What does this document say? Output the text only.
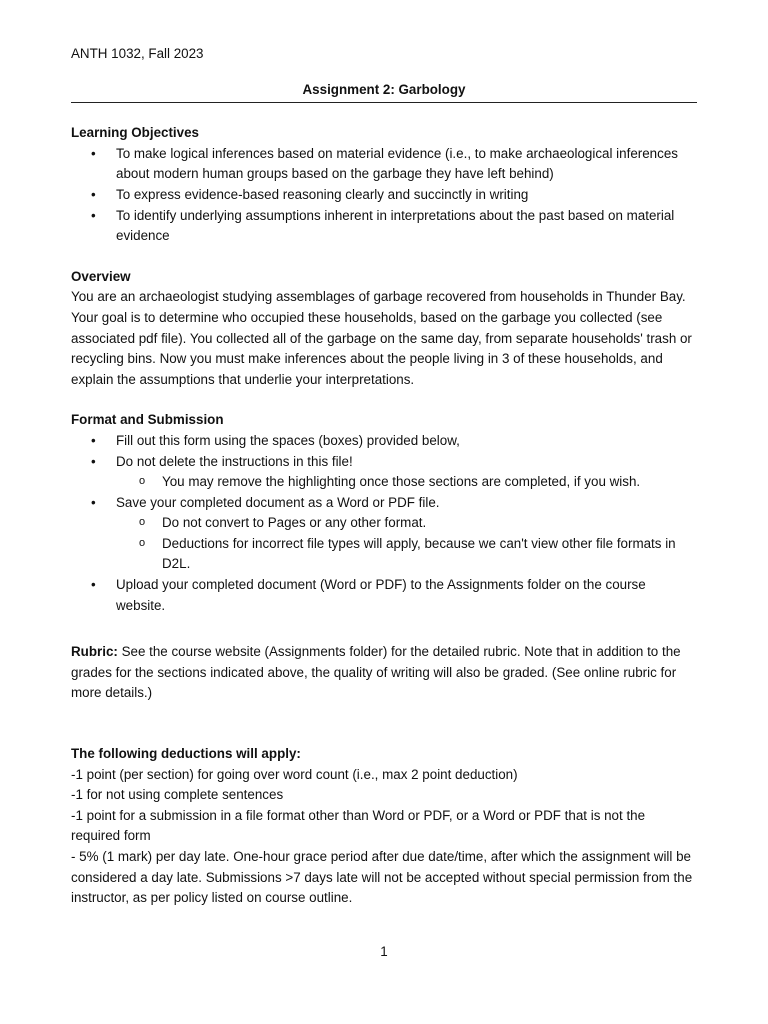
ANTH 1032, Fall 2023

Assignment 2: Garbology

Learning Objectives

• To make logical inferences based on material evidence (i.e., to make archaeological inferences about modern human groups based on the garbage they have left behind)
• To express evidence-based reasoning clearly and succinctly in writing
• To identify underlying assumptions inherent in interpretations about the past based on material evidence

Overview

You are an archaeologist studying assemblages of garbage recovered from households in Thunder Bay. Your goal is to determine who occupied these households, based on the garbage you collected (see associated pdf file). You collected all of the garbage on the same day, from separate households' trash or recycling bins. Now you must make inferences about the people living in 3 of these households, and explain the assumptions that underlie your interpretations.

Format and Submission

• Fill out this form using the spaces (boxes) provided below,
• Do not delete the instructions in this file!
o You may remove the highlighting once those sections are completed, if you wish.
• Save your completed document as a Word or PDF file.
o Do not convert to Pages or any other format.
o Deductions for incorrect file types will apply, because we can't view other file formats in D2L.
• Upload your completed document (Word or PDF) to the Assignments folder on the course website.

Rubric: See the course website (Assignments folder) for the detailed rubric. Note that in addition to the grades for the sections indicated above, the quality of writing will also be graded. (See online rubric for more details.)

The following deductions will apply:

-1 point (per section) for going over word count (i.e., max 2 point deduction)

-1 for not using complete sentences

-1 point for a submission in a file format other than Word or PDF, or a Word or PDF that is not the required form

- 5% (1 mark) per day late. One-hour grace period after due date/time, after which the assignment will be considered a day late. Submissions >7 days late will not be accepted without special permission from the instructor, as per policy listed on course outline.

1
